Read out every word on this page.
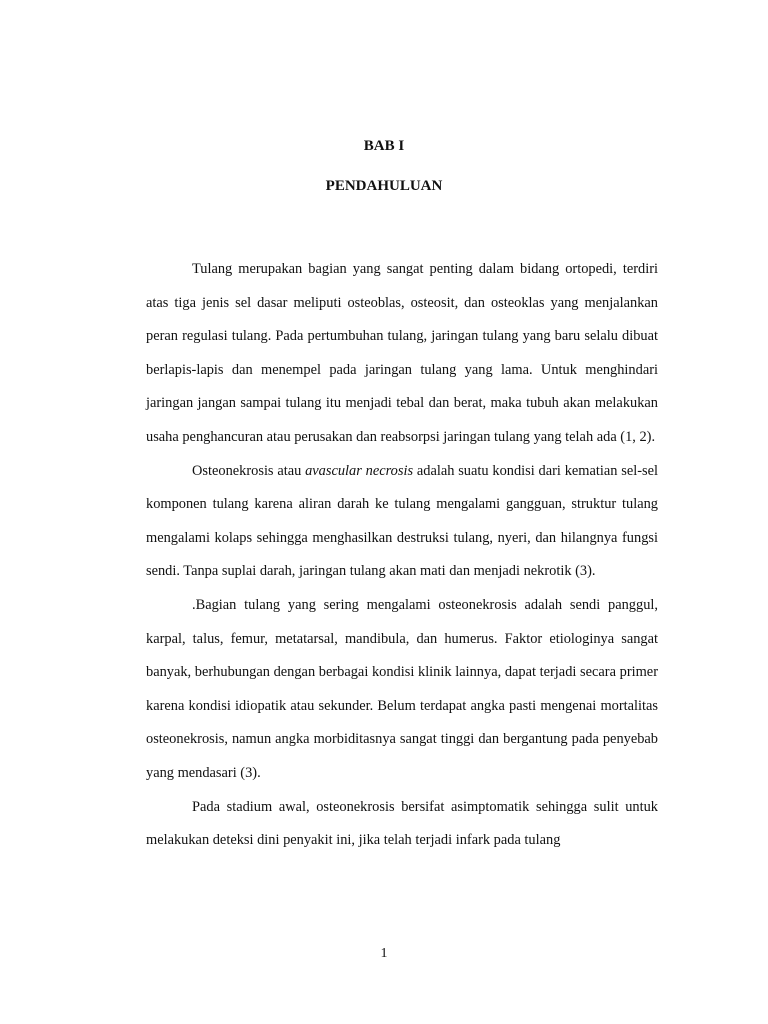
BAB I
PENDAHULUAN

Tulang merupakan bagian yang sangat penting dalam bidang ortopedi, terdiri atas tiga jenis sel dasar meliputi osteoblas, osteosit, dan osteoklas yang menjalankan peran regulasi tulang. Pada pertumbuhan tulang, jaringan tulang yang baru selalu dibuat berlapis-lapis dan menempel pada jaringan tulang yang lama. Untuk menghindari jaringan jangan sampai tulang itu menjadi tebal dan berat, maka tubuh akan melakukan usaha penghancuran atau perusakan dan reabsorpsi jaringan tulang yang telah ada (1, 2).

Osteonekrosis atau avascular necrosis adalah suatu kondisi dari kematian sel-sel komponen tulang karena aliran darah ke tulang mengalami gangguan, struktur tulang mengalami kolaps sehingga menghasilkan destruksi tulang, nyeri, dan hilangnya fungsi sendi. Tanpa suplai darah, jaringan tulang akan mati dan menjadi nekrotik (3).

.Bagian tulang yang sering mengalami osteonekrosis adalah sendi panggul, karpal, talus, femur, metatarsal, mandibula, dan humerus. Faktor etiologinya sangat banyak, berhubungan dengan berbagai kondisi klinik lainnya, dapat terjadi secara primer karena kondisi idiopatik atau sekunder. Belum terdapat angka pasti mengenai mortalitas osteonekrosis, namun angka morbiditasnya sangat tinggi dan bergantung pada penyebab yang mendasari (3).

Pada stadium awal, osteonekrosis bersifat asimptomatik sehingga sulit untuk melakukan deteksi dini penyakit ini, jika telah terjadi infark pada tulang

1
